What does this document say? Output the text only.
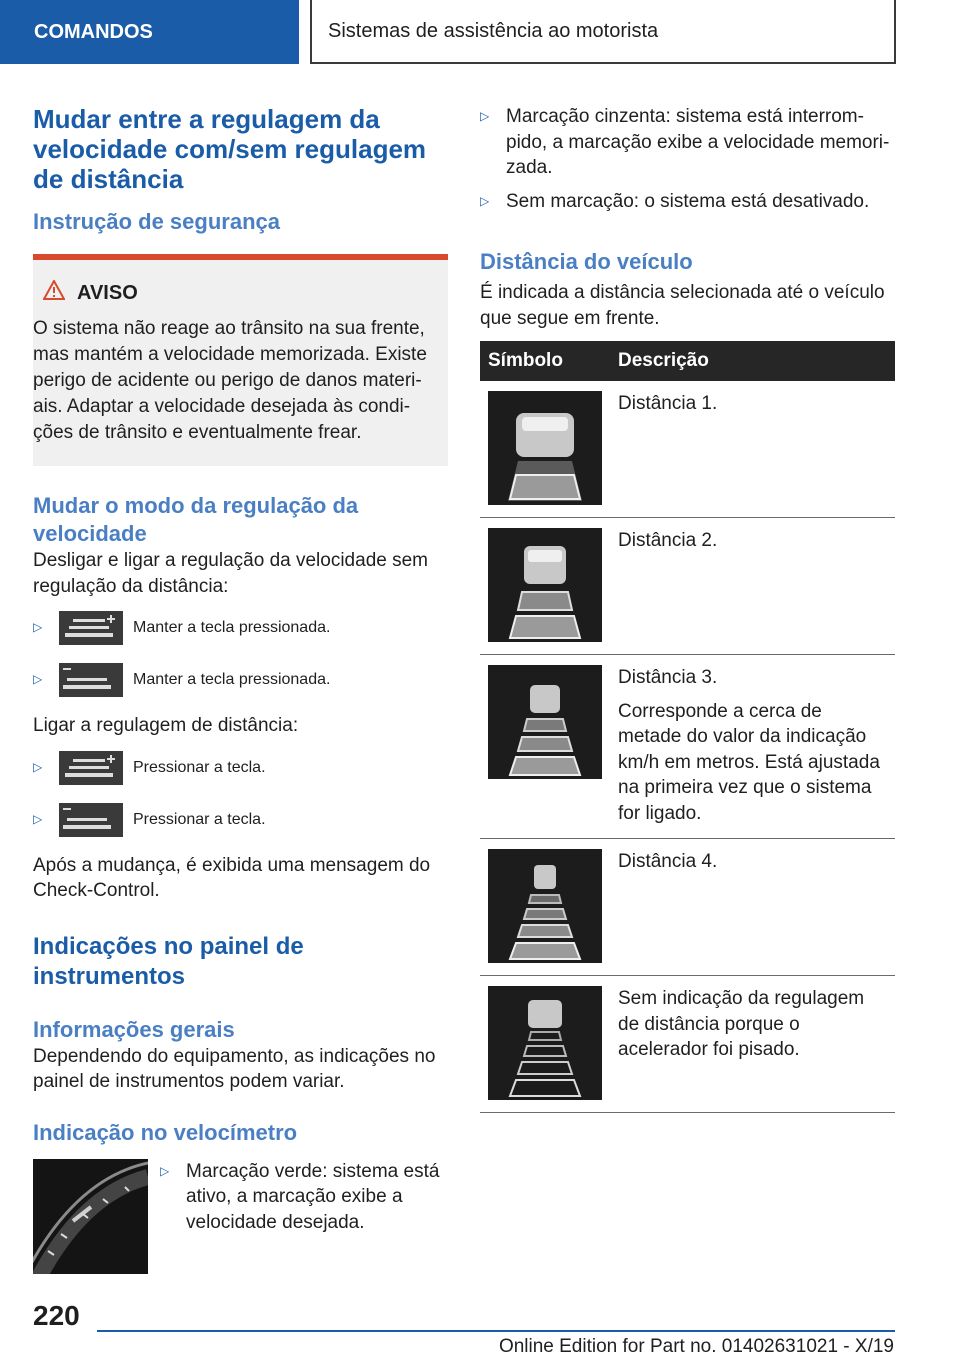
COMANDOS	Sistemas de assistência ao motorista
Mudar entre a regulagem da velocidade com/sem regulagem de distância
Instrução de segurança
AVISO

O sistema não reage ao trânsito na sua frente, mas mantém a velocidade memorizada. Existe perigo de acidente ou perigo de danos materiais. Adaptar a velocidade desejada às condições de trânsito e eventualmente frear.

Mudar o modo da regulação da velocidade

Desligar e ligar a regulação da velocidade sem regulação da distância:

▷	Manter a tecla pressionada.
▷	Manter a tecla pressionada.

Ligar a regulagem de distância:

▷	Pressionar a tecla.
▷	Pressionar a tecla.

Após a mudança, é exibida uma mensagem do Check-Control.

Indicações no painel de instrumentos
Informações gerais

Dependendo do equipamento, as indicações no painel de instrumentos podem variar.

Indicação no velocímetro
▷ Marcação verde: sistema está ativo, a marcação exibe a velocidade desejada.
▷ Marcação cinzenta: sistema está interrompido, a marcação exibe a velocidade memorizada.
▷ Sem marcação: o sistema está desativado.
Distância do veículo

É indicada a distância selecionada até o veículo que segue em frente.

Símbolo	Descrição

Distância 1.

Distância 2.

Distância 3.
Corresponde a cerca de metade do valor da indicação km/h em metros. Está ajustada na primeira vez que o sistema for ligado.

Distância 4.

Sem indicação da regulagem de distância porque o acelerador foi pisado.
220
Online Edition for Part no. 01402631021 - X/19
